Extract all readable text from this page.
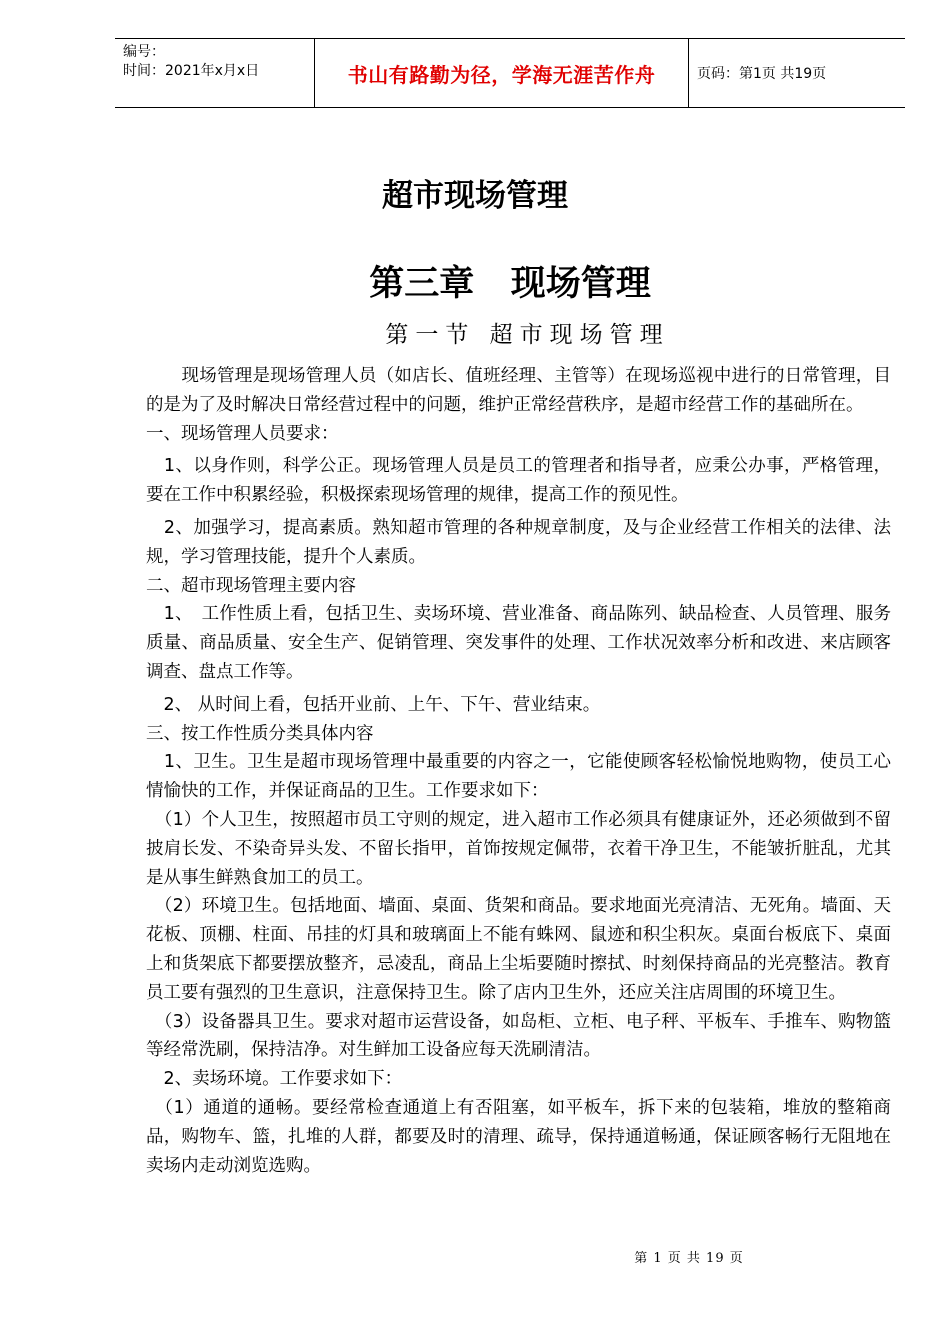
编号：
时间：2021年x月x日	书山有路勤为径，学海无涯苦作舟	页码：第1页 共19页
超市现场管理
第三章   现场管理
第一节 超市现场管理

　　现场管理是现场管理人员（如店长、值班经理、主管等）在现场巡视中进行的日常管理，目的是为了及时解决日常经营过程中的问题，维护正常经营秩序，是超市经营工作的基础所在。

一、现场管理人员要求：

　1、以身作则，科学公正。现场管理人员是员工的管理者和指导者，应秉公办事，严格管理，要在工作中积累经验，积极探索现场管理的规律，提高工作的预见性。

　2、加强学习，提高素质。熟知超市管理的各种规章制度，及与企业经营工作相关的法律、法规，学习管理技能，提升个人素质。

二、超市现场管理主要内容

　1、　工作性质上看，包括卫生、卖场环境、营业准备、商品陈列、缺品检查、人员管理、服务质量、商品质量、安全生产、促销管理、突发事件的处理、工作状况效率分析和改进、来店顾客调查、盘点工作等。

　2、 从时间上看，包括开业前、上午、下午、营业结束。

三、按工作性质分类具体内容

　1、卫生。卫生是超市现场管理中最重要的内容之一，它能使顾客轻松愉悦地购物，使员工心情愉快的工作，并保证商品的卫生。工作要求如下：

　（1）个人卫生，按照超市员工守则的规定，进入超市工作必须具有健康证外，还必须做到不留披肩长发、不染奇异头发、不留长指甲，首饰按规定佩带，衣着干净卫生，不能皱折脏乱，尤其是从事生鲜熟食加工的员工。

　（2）环境卫生。包括地面、墙面、桌面、货架和商品。要求地面光亮清洁、无死角。墙面、天花板、顶棚、柱面、吊挂的灯具和玻璃面上不能有蛛网、鼠迹和积尘积灰。桌面台板底下、桌面上和货架底下都要摆放整齐，忌凌乱，商品上尘垢要随时擦拭、时刻保持商品的光亮整洁。教育员工要有强烈的卫生意识，注意保持卫生。除了店内卫生外，还应关注店周围的环境卫生。

　（3）设备器具卫生。要求对超市运营设备，如岛柜、立柜、电子秤、平板车、手推车、购物篮等经常洗刷，保持洁净。对生鲜加工设备应每天洗刷清洁。

　2、卖场环境。工作要求如下：

　（1）通道的通畅。要经常检查通道上有否阻塞，如平板车，拆下来的包装箱，堆放的整箱商品，购物车、篮，扎堆的人群，都要及时的清理、疏导，保持通道畅通，保证顾客畅行无阻地在卖场内走动浏览选购。

第 1 页 共 19 页
